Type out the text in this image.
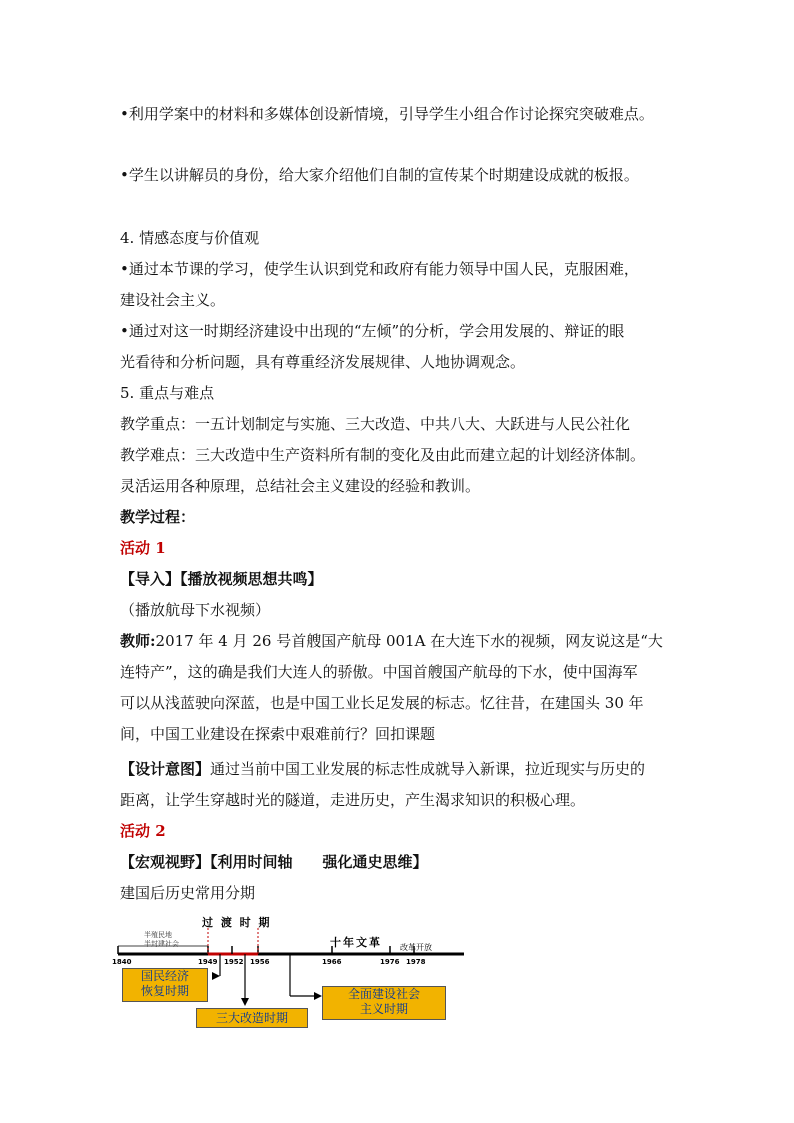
•利用学案中的材料和多媒体创设新情境，引导学生小组合作讨论探究突破难点。
•学生以讲解员的身份，给大家介绍他们自制的宣传某个时期建设成就的板报。
4. 情感态度与价值观
•通过本节课的学习，使学生认识到党和政府有能力领导中国人民，克服困难，
建设社会主义。
•通过对这一时期经济建设中出现的“左倾”的分析，学会用发展的、辩证的眼
光看待和分析问题，具有尊重经济发展规律、人地协调观念。
5. 重点与难点
教学重点：一五计划制定与实施、三大改造、中共八大、大跃进与人民公社化
教学难点：三大改造中生产资料所有制的变化及由此而建立起的计划经济体制。
灵活运用各种原理，总结社会主义建设的经验和教训。
教学过程：
活动 1
【导入】【播放视频思想共鸣】
（播放航母下水视频）
教师:2017 年 4 月 26 号首艘国产航母 001A 在大连下水的视频，网友说这是“大
连特产”，这的确是我们大连人的骄傲。中国首艘国产航母的下水，使中国海军
可以从浅蓝驶向深蓝，也是中国工业长足发展的标志。忆往昔，在建国头 30 年
间，中国工业建设在探索中艰难前行？回扣课题
【设计意图】通过当前中国工业发展的标志性成就导入新课，拉近现实与历史的
距离，让学生穿越时光的隧道，走进历史，产生渴求知识的积极心理。
活动 2
【宏观视野】【利用时间轴　　强化通史思维】
建国后历史常用分期
半殖民地
半封建社会
过 渡 时 期
十年文革 改革开放
1840	1949 1952 1956	1966	1976 1978
国民经济
恢复时期
三大改造时期
全面建设社会
主义时期
